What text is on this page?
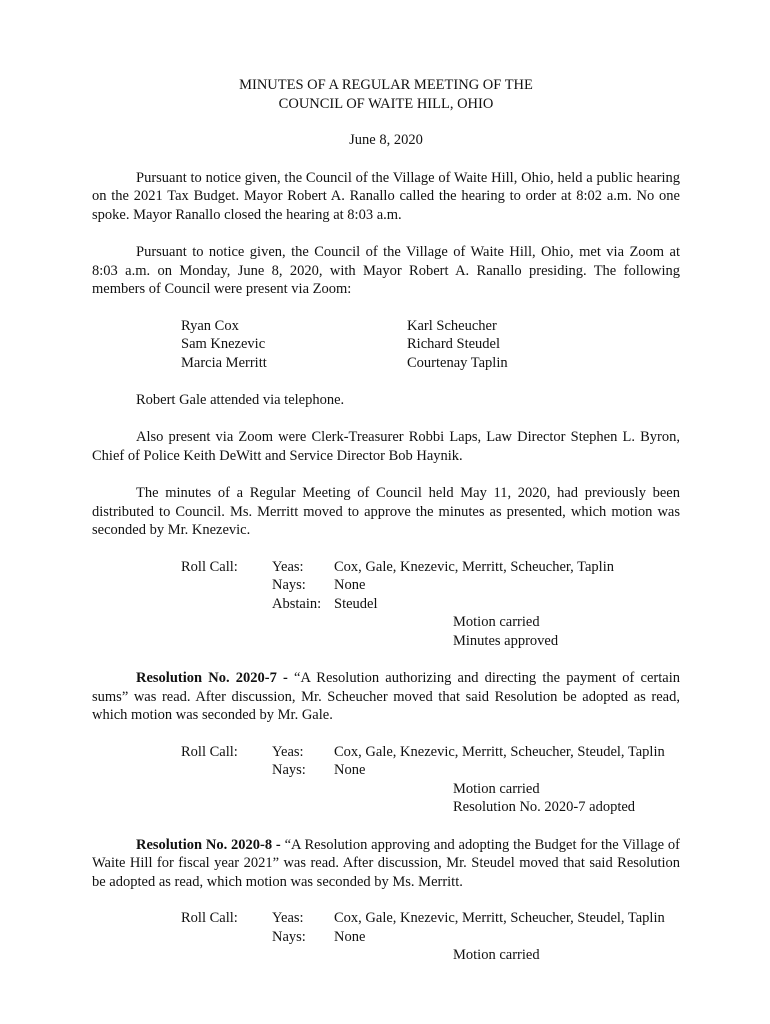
MINUTES OF A REGULAR MEETING OF THE
COUNCIL OF WAITE HILL, OHIO
June 8, 2020

Pursuant to notice given, the Council of the Village of Waite Hill, Ohio, held a public hearing on the 2021 Tax Budget. Mayor Robert A. Ranallo called the hearing to order at 8:02 a.m. No one spoke. Mayor Ranallo closed the hearing at 8:03 a.m.

Pursuant to notice given, the Council of the Village of Waite Hill, Ohio, met via Zoom at 8:03 a.m. on Monday, June 8, 2020, with Mayor Robert A. Ranallo presiding. The following members of Council were present via Zoom:

Ryan Cox
Sam Knezevic
Marcia Merritt
Karl Scheucher
Richard Steudel
Courtenay Taplin

Robert Gale attended via telephone.

Also present via Zoom were Clerk-Treasurer Robbi Laps, Law Director Stephen L. Byron, Chief of Police Keith DeWitt and Service Director Bob Haynik.

The minutes of a Regular Meeting of Council held May 11, 2020, had previously been distributed to Council. Ms. Merritt moved to approve the minutes as presented, which motion was seconded by Mr. Knezevic.

Roll Call: Yeas: Cox, Gale, Knezevic, Merritt, Scheucher, Taplin
Nays: None
Abstain: Steudel
Motion carried
Minutes approved

Resolution No. 2020-7 - “A Resolution authorizing and directing the payment of certain sums” was read. After discussion, Mr. Scheucher moved that said Resolution be adopted as read, which motion was seconded by Mr. Gale.

Roll Call: Yeas: Cox, Gale, Knezevic, Merritt, Scheucher, Steudel, Taplin
Nays: None
Motion carried
Resolution No. 2020-7 adopted

Resolution No. 2020-8 - “A Resolution approving and adopting the Budget for the Village of Waite Hill for fiscal year 2021” was read. After discussion, Mr. Steudel moved that said Resolution be adopted as read, which motion was seconded by Ms. Merritt.

Roll Call: Yeas: Cox, Gale, Knezevic, Merritt, Scheucher, Steudel, Taplin
Nays: None
Motion carried
